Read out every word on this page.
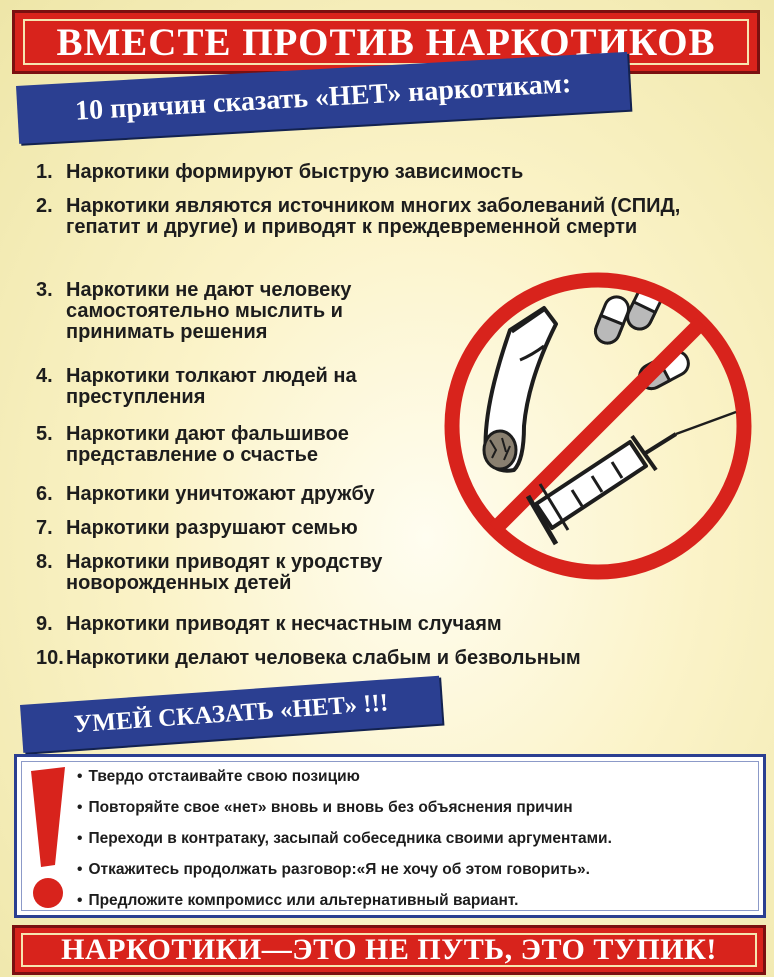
ВМЕСТЕ ПРОТИВ НАРКОТИКОВ
10 причин сказать «НЕТ» наркотикам:
1. Наркотики формируют быструю зависимость
2. Наркотики являются источником многих заболеваний (СПИД, гепатит и другие) и приводят к преждевременной смерти
3. Наркотики не дают человеку самостоятельно мыслить и принимать решения
4. Наркотики толкают людей на преступления
5. Наркотики дают фальшивое представление о счастье
6. Наркотики уничтожают дружбу
7. Наркотики разрушают семью
8. Наркотики приводят к уродству новорожденных детей
9. Наркотики приводят к несчастным случаям
10. Наркотики делают человека слабым и безвольным
УМЕЙ СКАЗАТЬ «НЕТ» !!!
• Твердо отстаивайте свою позицию
• Повторяйте свое «нет» вновь и вновь без объяснения причин
• Переходи в контратаку, засыпай собеседника своими аргументами.
• Откажитесь продолжать разговор:«Я не хочу об этом говорить».
• Предложите компромисс или альтернативный вариант.
НАРКОТИКИ—ЭТО НЕ ПУТЬ, ЭТО ТУПИК!
